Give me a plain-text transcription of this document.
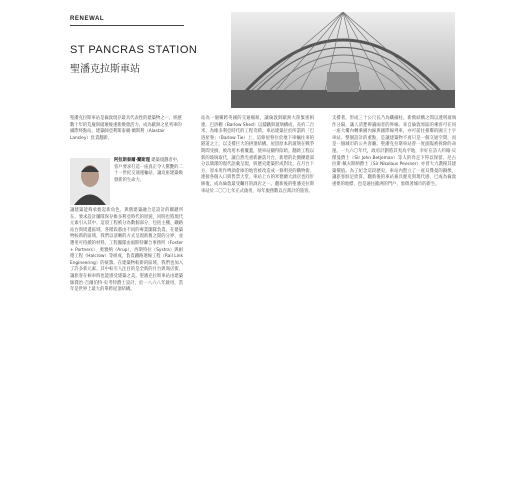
RENEWAL
ST PANCRAS STATION
聖潘克拉斯車站
聖潘克拉斯車站是倫敦現存最具代表性的建築物之一，經歷數十年的荒廢與破壞後重新煥發活力，成為歐洲之星列車的國際終點站。建築師亞利斯泰爾‧蘭斯利（Alastair Lansley）負責翻新。
阿拉斯泰爾‧蘭斯理 建築規劃者中，客戶要求打造一座真正令人驚艷的二十一世紀交通運輸站，讓這座建築煥發新的生命力。
讓建築能夠承擔起新角色，與舊建築融合是設計的關鍵所在。要求設計團隊保存維多利亞時代的原貌，同時也將現代元素引入其中。這項工程被分為數個部分，包括主棚、鐵路站台與周邊區域，各階段都由不同的專業團隊負責。在建築物較新的區域，我們以清晰的方式呈現新舊之間的分界，並選用可持續的材料。工程團隊由福斯特聯合事務所（Foster + Partners）、奧雅納（Arup）、西斯特拉（Systra）與耐德工程（Halcrow）等組成，負責鐵路連線工程（Rail Link Engineering）的統籌。在建築物較新的區域，我們也加入了許多新元素。其中較引人注目的是全新的月台與商店街，讓旅客在候車時也能感受建築之美。聖潘克拉斯車站由建築師喬治‧吉爾伯特‧史考特爵士設計，於一八六八年啟用，當年是世界上最大的單跨屋頂結構。
站為一個橫跨英國的交通樞紐，讓倫敦與歐洲大陸緊密相連。巴洛棚（Barlow Shed）以鑄鐵與玻璃構成，長約二百米，為維多利亞時代的工程奇蹟。車站建築位於所謂的「巴洛屋脊」（Barlow Tie）上，這條屋脊位於地下車輛往來的隧道之上，以支撐巨大的拱頂結構。屋頂原本的玻璃在戰爭期間受損，被改用木板覆蓋，使車站顯得陰暗。翻新工程以新的玻璃取代，讓自然光重新灑落月台。新增的北側擴建部分以簡潔的現代語彙呈現，與歷史建築形成對比。在月台下方，原本用作啤酒倉庫的地窖被改造成一條明亮的購物街，連接各個入口與售票大堂。車站上方的米德蘭大酒店也同步修復，成為倫敦最受矚目的酒店之一。翻新後的聖潘克拉斯車站於二〇〇七年正式啟用，每年服務數以百萬計的旅客。
支撐著，形成三十公尺長乃為纖細柱。新舊結構之間以透明玻璃作分隔，讓人清楚辨識兩者的界線。來自倫敦郊區的乘客可在同一座大樓內轉乘國內線與國際線列車，亦可前往相鄰的國王十字車站。整個設計的重點，是讓建築物不再只是一個交通空間，而是一個城市的公共客廳。聖潘克拉斯車站曾一度面臨被拆除的命運。一九六〇年代，政府計劃將其夷為平地，幸好在詩人約翰‧貝傑曼爵士（Sir John Betjeman）等人的奔走下得以保留。尼古拉斯‧佩夫斯納爵士（Sir Nikolaus Pevsner）亦曾大力讚揚其建築價值。為了紀念這段歷史，車站內豎立了一座貝傑曼的銅像，讓旅客駐足欣賞。翻新後的車站兼具歷史與現代感，已成為倫敦重要的地標，也是通往歐洲的門戶，象徵著城市的新生。
